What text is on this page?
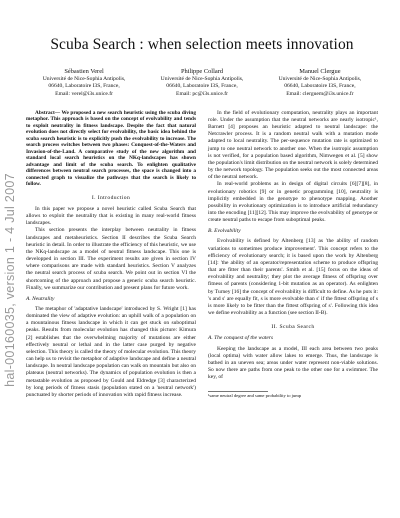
hal-00160035, version 1 - 4 Jul 2007
Scuba Search : when selection meets innovation
Sébastien Verel
Université de Nice-Sophia Antipolis,
06640, Laboratoire I3S, France,
Email: verel@i3s.unice.fr
Philippe Collard
Université de Nice-Sophia Antipolis,
06640, Laboratoire I3S, France,
Email: pc@i3s.unice.fr
Manuel Clergue
Université de Nice-Sophia Antipolis,
06640, Laboratoire I3S, France,
Email: clerguem@i3s.unice.fr

Abstract— We proposed a new search heuristic using the scuba diving metaphor. This approach is based on the concept of evolvability and tends to exploit neutrality in fitness landscape. Despite the fact that natural evolution does not directly select for evolvability, the basic idea behind the scuba search heuristic is to explicitly push the evolvability to increase. The search process switches between two phases: Conquest-of-the-Waters and Invasion-of-the-Land. A comparative study of the new algorithm and standard local search heuristics on the NKq-landscapes has shown advantage and limit of the scuba search. To enlighten qualitative differences between neutral search processes, the space is changed into a connected graph to visualize the pathways that the search is likely to follow.

I. Introduction

In this paper we propose a novel heuristic called Scuba Search that allows to exploit the neutrality that is existing in many real-world fitness landscapes.

This section presents the interplay between neutrality in fitness landscapes and metaheuristics. Section II describes the Scuba Search heuristic in detail. In order to illustrate the efficiency of this heuristic, we use the NKq-landscape as a model of neutral fitness landscape. This one is developped in section III. The experiment results are given in section IV where comparisons are made with standard heuristics. Section V analyzes the neutral search process of scuba search. We point out in section VI the shortcoming of the approach and propose a generic scuba search heuristic. Finally, we summarize our contribution and present plans for future work.

A. Neutrality

The metaphor of 'adaptative landscape' introduced by S. Wright [1] has dominated the view of adaptive evolution: an uphill walk of a population on a mountainous fitness landscape in which it can get stuck on suboptimal peaks. Results from molecular evolution has changed this picture: Kimura [2] establishes that the overwhelming majority of mutations are either effectively neutral or lethal and in the latter case purged by negative selection. This theory is called the theory of molecular evolution. This theory can help us to revisit the metaphor of adaptive landscape and define a neutral landscape. In neutral landscape population can walk on mountain but also on plateaus (neutral networks). The dynamics of population evolution is then a metastable evolution as proposed by Gould and Eldredge [3] characterized by long periods of fitness stasis (population stated on a 'neutral network') punctuated by shorter periods of innovation with rapid fitness increase.

In the field of evolutionary computation, neutrality plays an important role. Under the assumption that the neutral networks are nearly isotropic¹, Barnett [4] proposes an heuristic adapted to neutral landscape: the Netcrawler process. It is a random neutral walk with a mutation mode adapted to local neutrality. The per-sequence mutation rate is optimized to jump to one neutral network to another one. When the isotropic assumption is not verified, for a population based algorithm, Nimwegen et al. [5] show the population's limit distribution on the neutral network is solely determined by the network topology. The population seeks out the most connected areas of the neutral network.

In real-world problems as in design of digital circuits [6][7][8], in evolutionary robotics [9] or in genetic programming [10], neutrality is implicitly embedded in the genotype to phenotype mapping. Another possibility in evolutionary optimization is to introduce artificial redundancy into the encoding [11][12]. This may improve the evolvability of genotype or create neutral paths to escape from suboptimal peaks.

B. Evolvability

Evolvability is defined by Altenberg [13] as 'the ability of random variations to sometimes produce improvement'. This concept refers to the efficiency of evolutionary search; it is based upon the work by Altenberg [14]: 'the ability of an operator/representation scheme to produce offspring that are fitter than their parents'. Smith et al. [15] focus on the ideas of evolvability and neutrality; they plot the average fitness of offspring over fitness of parents (considering 1-bit mutation as an operator). As enlighten by Turney [16] the concept of evolvability is difficult to define. As he puts it: 's and s' are equally fit, s is more evolvable than s' if the fittest offspring of s is more likely to be fitter than the fittest offspring of s'. Following this idea we define evolvability as a function (see section II-B).

II. Scuba Search
A. The conquest of the waters

Keeping the landscape as a model, III each area between two peaks (local optima) with water allow lakes to emerge. Thus, the landscape is bathed in an uneven sea; areas under water represent non-viable solutions. So now there are paths from one peak to the other one for a swimmer. The key, of

¹same neutral degree and same probability to jump
